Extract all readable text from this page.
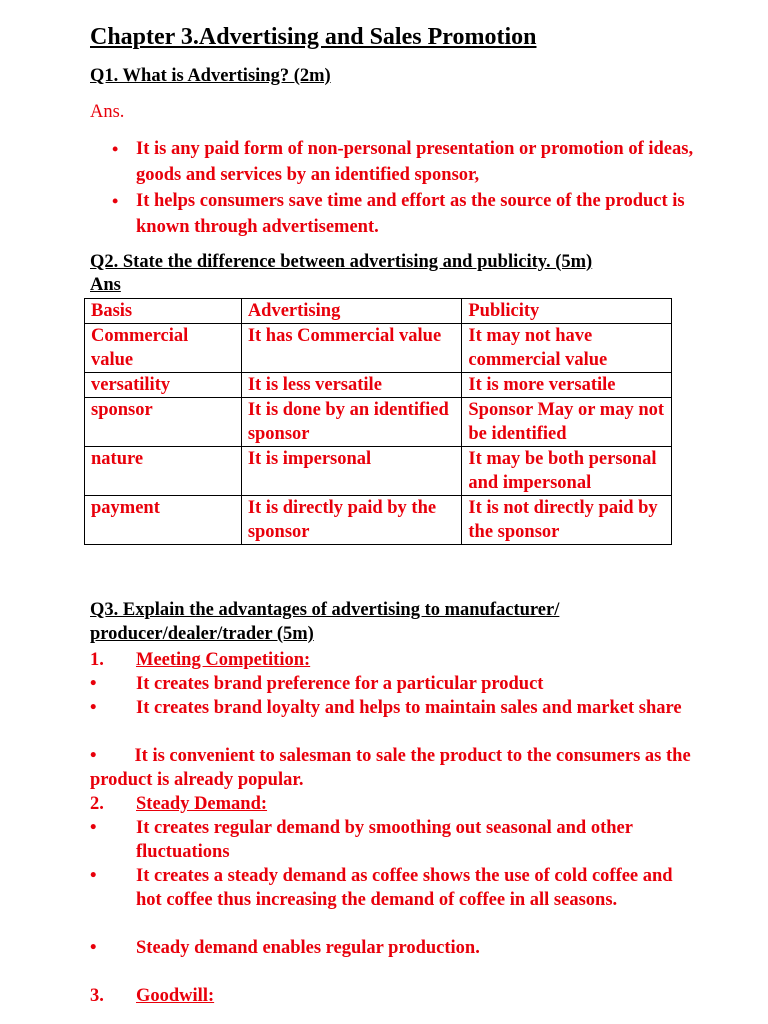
Chapter 3.Advertising and Sales Promotion
Q1. What is Advertising? (2m)
Ans.
• It is any paid form of non-personal presentation or promotion of ideas, goods and services by an identified sponsor,
• It helps consumers save time and effort as the source of the product is known through advertisement.
Q2. State the difference between advertising and publicity. (5m)
Ans
Basis	Advertising	Publicity
Commercial value	It has Commercial value	It may not have commercial value
versatility	It is less versatile	It is more versatile
sponsor	It is done by an identified sponsor	Sponsor May or may not be identified
nature	It is impersonal	It may be both personal and impersonal
payment	It is directly paid by the sponsor	It is not directly paid by the sponsor
Q3. Explain the advantages of advertising to manufacturer/
producer/dealer/trader (5m)
1. Meeting Competition:
• It creates brand preference for a particular product
• It creates brand loyalty and helps to maintain sales and market share
• It is convenient to salesman to sale the product to the consumers as the product is already popular.
2. Steady Demand:
• It creates regular demand by smoothing out seasonal and other fluctuations
• It creates a steady demand as coffee shows the use of cold coffee and hot coffee thus increasing the demand of coffee in all seasons.
• Steady demand enables regular production.
3. Goodwill:
